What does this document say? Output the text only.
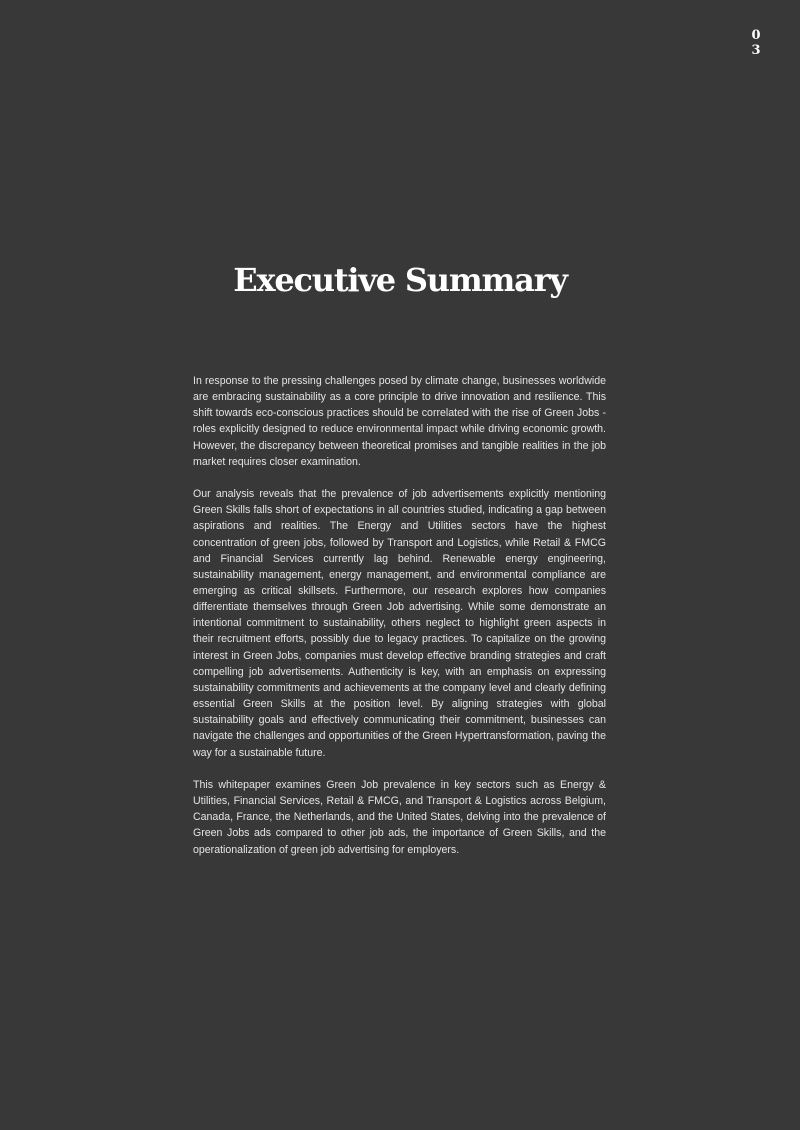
0
3
Executive Summary

In response to the pressing challenges posed by climate change, businesses worldwide are embracing sustainability as a core principle to drive innovation and resilience. This shift towards eco-conscious practices should be correlated with the rise of Green Jobs - roles explicitly designed to reduce environmental impact while driving economic growth. However, the discrepancy between theoretical promises and tangible realities in the job market requires closer examination.

Our analysis reveals that the prevalence of job advertisements explicitly mentioning Green Skills falls short of expectations in all countries studied, indicating a gap between aspirations and realities. The Energy and Utilities sectors have the highest concentration of green jobs, followed by Transport and Logistics, while Retail & FMCG and Financial Services currently lag behind. Renewable energy engineering, sustainability management, energy management, and environmental compliance are emerging as critical skillsets. Furthermore, our research explores how companies differentiate themselves through Green Job advertising. While some demonstrate an intentional commitment to sustainability, others neglect to highlight green aspects in their recruitment efforts, possibly due to legacy practices. To capitalize on the growing interest in Green Jobs, companies must develop effective branding strategies and craft compelling job advertisements. Authenticity is key, with an emphasis on expressing sustainability commitments and achievements at the company level and clearly defining essential Green Skills at the position level. By aligning strategies with global sustainability goals and effectively communicating their commitment, businesses can navigate the challenges and opportunities of the Green Hypertransformation, paving the way for a sustainable future.

This whitepaper examines Green Job prevalence in key sectors such as Energy & Utilities, Financial Services, Retail & FMCG, and Transport & Logistics across Belgium, Canada, France, the Netherlands, and the United States, delving into the prevalence of Green Jobs ads compared to other job ads, the importance of Green Skills, and the operationalization of green job advertising for employers.
